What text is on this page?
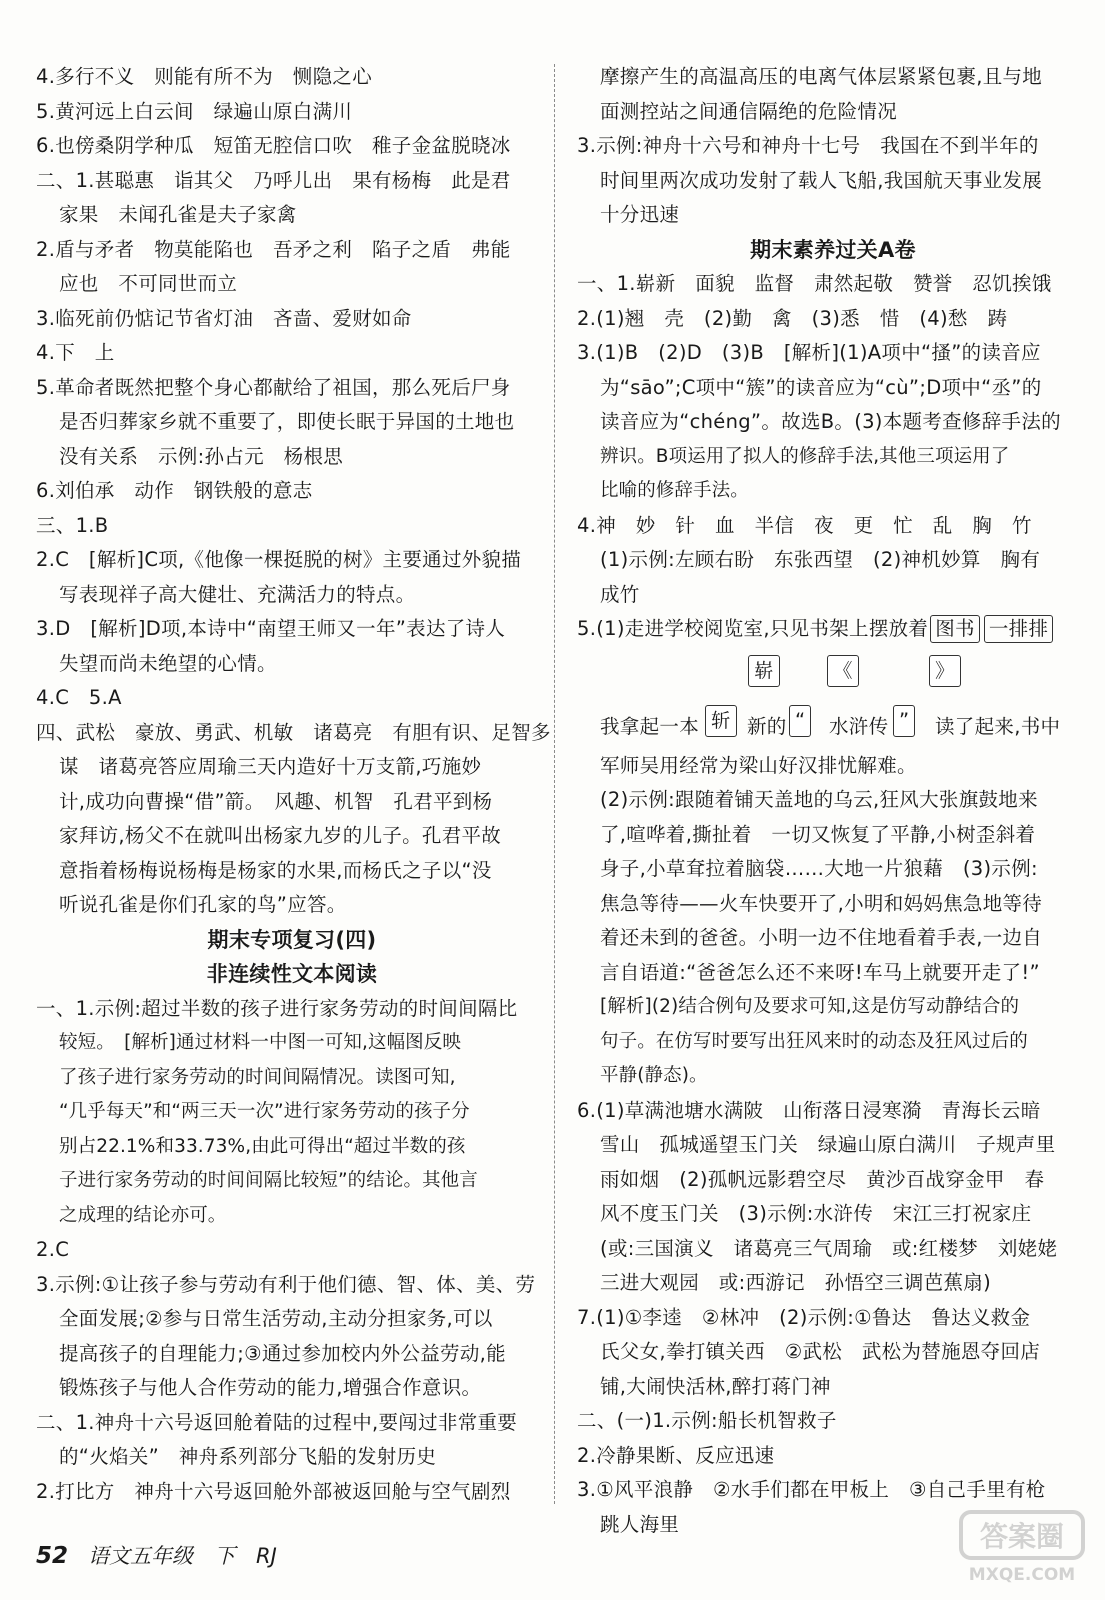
4.多行不义　则能有所不为　恻隐之心
5.黄河远上白云间　绿遍山原白满川
6.也傍桑阴学种瓜　短笛无腔信口吹　稚子金盆脱晓冰
二、1.甚聪惠　诣其父　乃呼儿出　果有杨梅　此是君
家果　未闻孔雀是夫子家禽
2.盾与矛者　物莫能陷也　吾矛之利　陷子之盾　弗能
应也　不可同世而立
3.临死前仍惦记节省灯油　吝啬、爱财如命
4.下　上
5.革命者既然把整个身心都献给了祖国，那么死后尸身
是否归葬家乡就不重要了，即使长眠于异国的土地也
没有关系　示例:孙占元　杨根思
6.刘伯承　动作　钢铁般的意志
三、1.B
2.C　[解析]C项,《他像一棵挺脱的树》主要通过外貌描
写表现祥子高大健壮、充满活力的特点。
3.D　[解析]D项,本诗中“南望王师又一年”表达了诗人
失望而尚未绝望的心情。
4.C　5.A
四、武松　豪放、勇武、机敏　诸葛亮　有胆有识、足智多
谋　诸葛亮答应周瑜三天内造好十万支箭,巧施妙
计,成功向曹操“借”箭。　风趣、机智　孔君平到杨
家拜访,杨父不在就叫出杨家九岁的儿子。孔君平故
意指着杨梅说杨梅是杨家的水果,而杨氏之子以“没
听说孔雀是你们孔家的鸟”应答。
期末专项复习(四)
非连续性文本阅读
一、1.示例:超过半数的孩子进行家务劳动的时间间隔比
较短。　[解析]通过材料一中图一可知,这幅图反映
了孩子进行家务劳动的时间间隔情况。读图可知,
“几乎每天”和“两三天一次”进行家务劳动的孩子分
别占22.1%和33.73%,由此可得出“超过半数的孩
子进行家务劳动的时间间隔比较短”的结论。其他言
之成理的结论亦可。
2.C
3.示例:①让孩子参与劳动有利于他们德、智、体、美、劳
全面发展;②参与日常生活劳动,主动分担家务,可以
提高孩子的自理能力;③通过参加校内外公益劳动,能
锻炼孩子与他人合作劳动的能力,增强合作意识。
二、1.神舟十六号返回舱着陆的过程中,要闯过非常重要
的“火焰关”　神舟系列部分飞船的发射历史
2.打比方　神舟十六号返回舱外部被返回舱与空气剧烈
摩擦产生的高温高压的电离气体层紧紧包裹,且与地
面测控站之间通信隔绝的危险情况
3.示例:神舟十六号和神舟十七号　我国在不到半年的
时间里两次成功发射了载人飞船,我国航天事业发展
十分迅速
期末素养过关A卷
一、1.崭新　面貌　监督　肃然起敬　赞誉　忍饥挨饿
2.(1)翘　壳　(2)勤　禽　(3)悉　惜　(4)愁　踌
3.(1)B　(2)D　(3)B　[解析](1)A项中“搔”的读音应
为“sāo”;C项中“簇”的读音应为“cù”;D项中“丞”的
读音应为“chéng”。故选B。(3)本题考查修辞手法的
辨识。B项运用了拟人的修辞手法,其他三项运用了
比喻的修辞手法。
4.神　妙　针　血　半信　夜　更　忙　乱　胸　竹
(1)示例:左顾右盼　东张西望　(2)神机妙算　胸有
成竹
5.(1)走进学校阅览室,只见书架上摆放着 图书 一排排
崭	《	》
我拿起一本 斩 新的 “	水浒传 ”	读了起来,书中
军师吴用经常为梁山好汉排忧解难。
(2)示例:跟随着铺天盖地的乌云,狂风大张旗鼓地来
了,喧哗着,撕扯着　一切又恢复了平静,小树歪斜着
身子,小草耷拉着脑袋……大地一片狼藉　(3)示例:
焦急等待——火车快要开了,小明和妈妈焦急地等待
着还未到的爸爸。小明一边不住地看着手表,一边自
言自语道:“爸爸怎么还不来呀!车马上就要开走了!”
[解析](2)结合例句及要求可知,这是仿写动静结合的
句子。在仿写时要写出狂风来时的动态及狂风过后的
平静(静态)。
6.(1)草满池塘水满陂　山衔落日浸寒漪　青海长云暗
雪山　孤城遥望玉门关　绿遍山原白满川　子规声里
雨如烟　(2)孤帆远影碧空尽　黄沙百战穿金甲　春
风不度玉门关　(3)示例:水浒传　宋江三打祝家庄
(或:三国演义　诸葛亮三气周瑜　或:红楼梦　刘姥姥
三进大观园　或:西游记　孙悟空三调芭蕉扇)
7.(1)①李逵　②林冲　(2)示例:①鲁达　鲁达义救金
氏父女,拳打镇关西　②武松　武松为替施恩夺回店
铺,大闹快活林,醉打蒋门神
二、(一)1.示例:船长机智救子
2.冷静果断、反应迅速
3.①风平浪静　②水手们都在甲板上　③自己手里有枪
跳人海里
52 语文五年级　下　RJ
答案圈
MXQE.COM
